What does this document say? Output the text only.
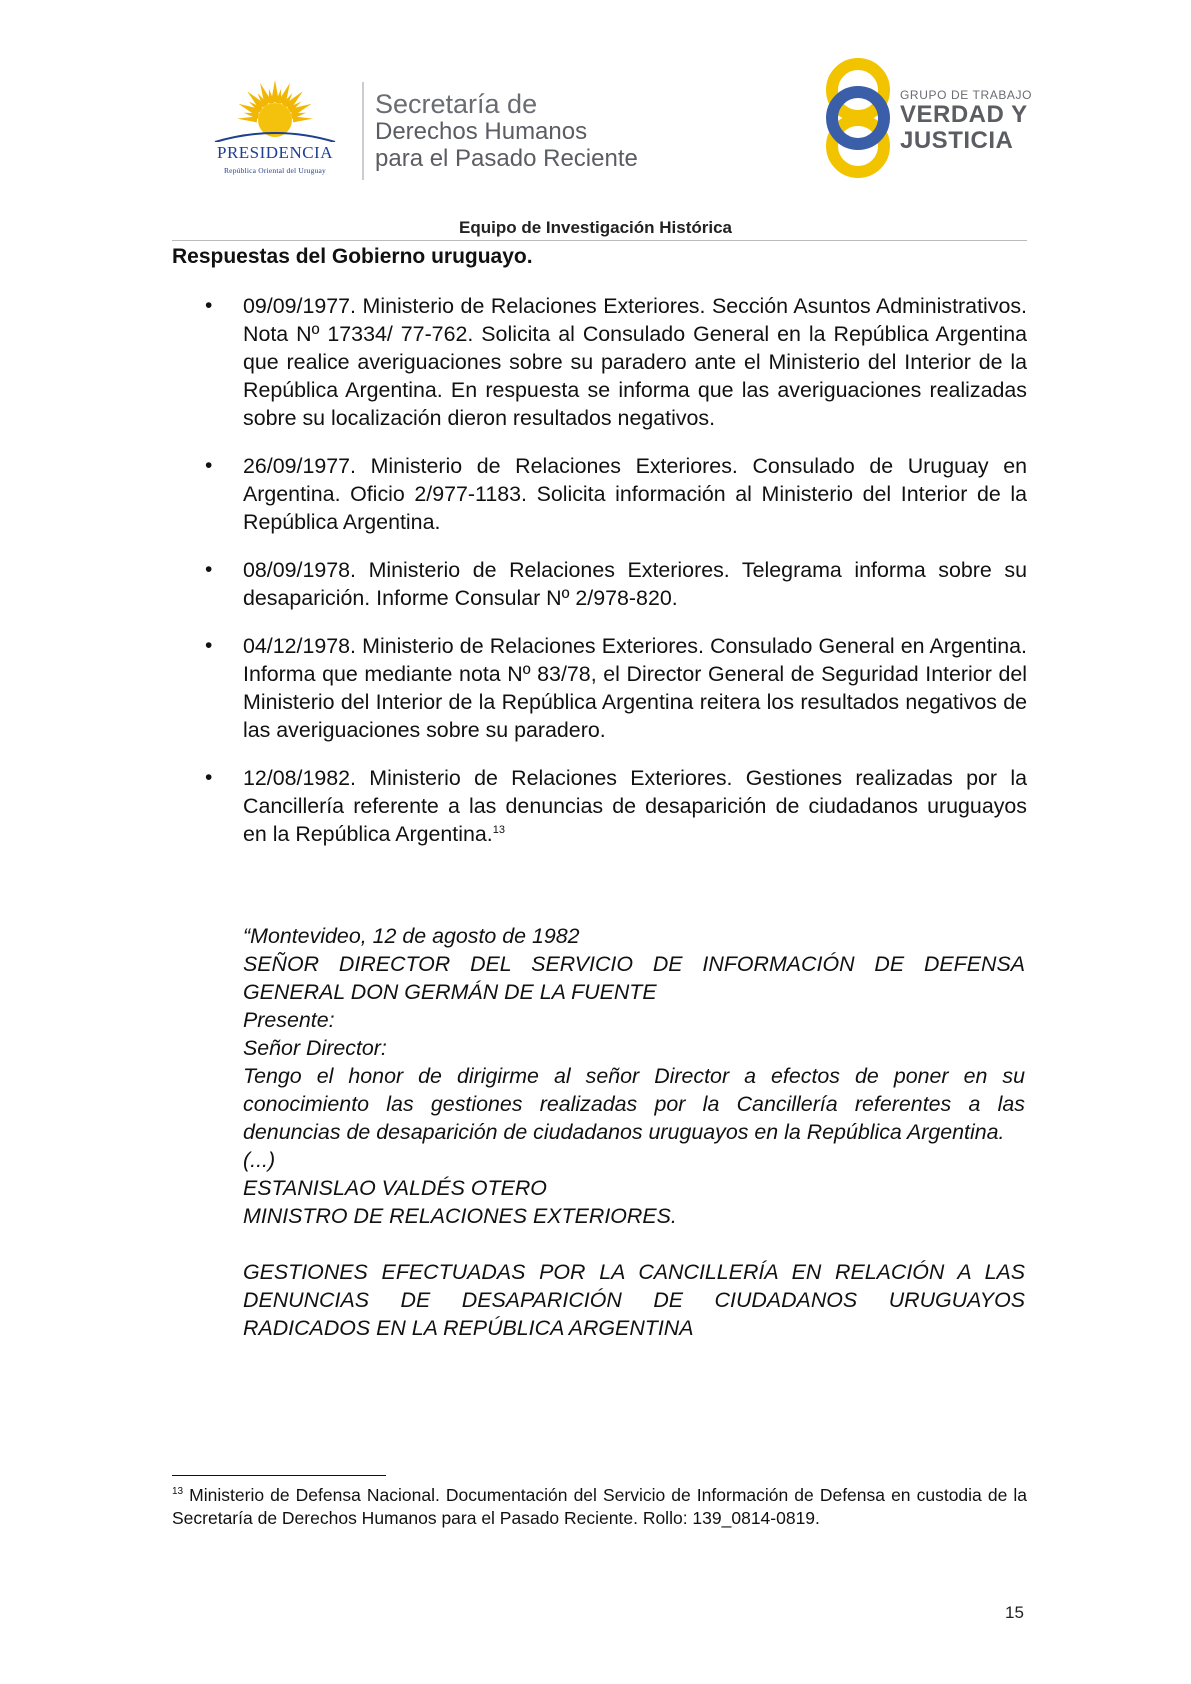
PRESIDENCIA
República Oriental del Uruguay
Secretaría de
Derechos Humanos
para el Pasado Reciente
GRUPO DE TRABAJO
VERDAD Y
JUSTICIA
Equipo de Investigación Histórica
Respuestas del Gobierno uruguayo.
• 09/09/1977. Ministerio de Relaciones Exteriores. Sección Asuntos Administrativos. Nota Nº 17334/ 77-762. Solicita al Consulado General en la República Argentina que realice averiguaciones sobre su paradero ante el Ministerio del Interior de la República Argentina. En respuesta se informa que las averiguaciones realizadas sobre su localización dieron resultados negativos.
• 26/09/1977. Ministerio de Relaciones Exteriores. Consulado de Uruguay en Argentina. Oficio 2/977-1183. Solicita información al Ministerio del Interior de la República Argentina.
• 08/09/1978. Ministerio de Relaciones Exteriores. Telegrama informa sobre su desaparición. Informe Consular Nº 2/978-820.
• 04/12/1978. Ministerio de Relaciones Exteriores. Consulado General en Argentina. Informa que mediante nota Nº 83/78, el Director General de Seguridad Interior del Ministerio del Interior de la República Argentina reitera los resultados negativos de las averiguaciones sobre su paradero.
• 12/08/1982. Ministerio de Relaciones Exteriores. Gestiones realizadas por la Cancillería referente a las denuncias de desaparición de ciudadanos uruguayos en la República Argentina.$^{13}$

“Montevideo, 12 de agosto de 1982

SEÑOR DIRECTOR DEL SERVICIO DE INFORMACIÓN DE DEFENSA GENERAL DON GERMÁN DE LA FUENTE

Presente:

Señor Director:

Tengo el honor de dirigirme al señor Director a efectos de poner en su conocimiento las gestiones realizadas por la Cancillería referentes a las denuncias de desaparición de ciudadanos uruguayos en la República Argentina.

(...)

ESTANISLAO VALDÉS OTERO

MINISTRO DE RELACIONES EXTERIORES.

GESTIONES EFECTUADAS POR LA CANCILLERÍA EN RELACIÓN A LAS DENUNCIAS DE DESAPARICIÓN DE CIUDADANOS URUGUAYOS RADICADOS EN LA REPÚBLICA ARGENTINA

$^{13}$ Ministerio de Defensa Nacional. Documentación del Servicio de Información de Defensa en custodia de la Secretaría de Derechos Humanos para el Pasado Reciente. Rollo: 139_0814-0819.
15
